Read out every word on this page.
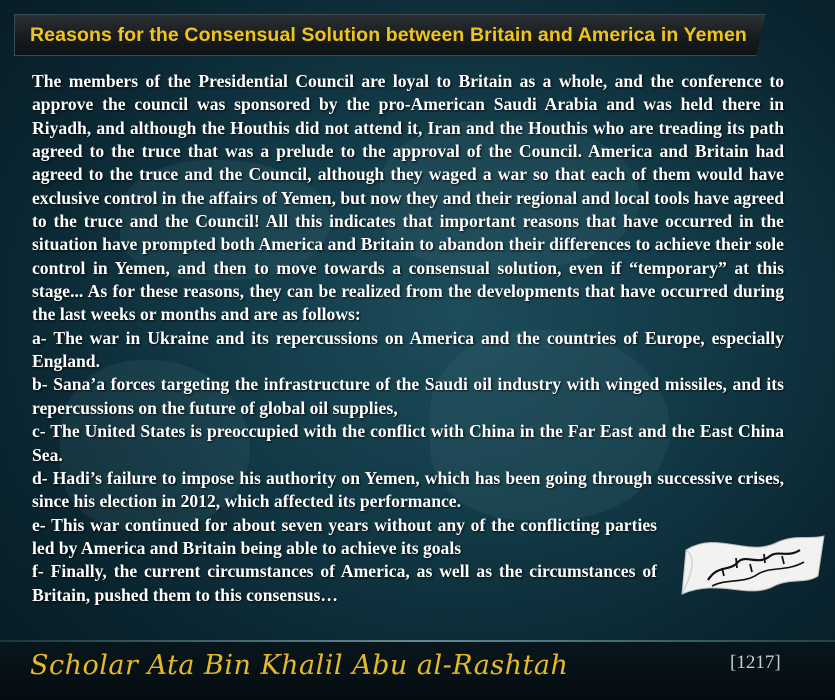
Reasons for the Consensual Solution between Britain and America in Yemen

The members of the Presidential Council are loyal to Britain as a whole, and the conference to approve the council was sponsored by the pro-American Saudi Arabia and was held there in Riyadh, and although the Houthis did not attend it, Iran and the Houthis who are treading its path agreed to the truce that was a prelude to the approval of the Council. America and Britain had agreed to the truce and the Council, although they waged a war so that each of them would have exclusive control in the affairs of Yemen, but now they and their regional and local tools have agreed to the truce and the Council! All this indicates that important reasons that have occurred in the situation have prompted both America and Britain to abandon their differences to achieve their sole control in Yemen, and then to move towards a consensual solution, even if “temporary” at this stage... As for these reasons, they can be realized from the developments that have occurred during the last weeks or months and are as follows:

a- The war in Ukraine and its repercussions on America and the countries of Europe, especially England.

b- Sana’a forces targeting the infrastructure of the Saudi oil industry with winged missiles, and its repercussions on the future of global oil supplies,

c- The United States is preoccupied with the conflict with China in the Far East and the East China Sea.

d- Hadi’s failure to impose his authority on Yemen, which has been going through successive crises, since his election in 2012, which affected its performance.

e- This war continued for about seven years without any of the conflicting parties led by America and Britain being able to achieve its goals

f- Finally, the current circumstances of America, as well as the circumstances of Britain, pushed them to this consensus…

Scholar Ata Bin Khalil Abu al-Rashtah	[1217]
